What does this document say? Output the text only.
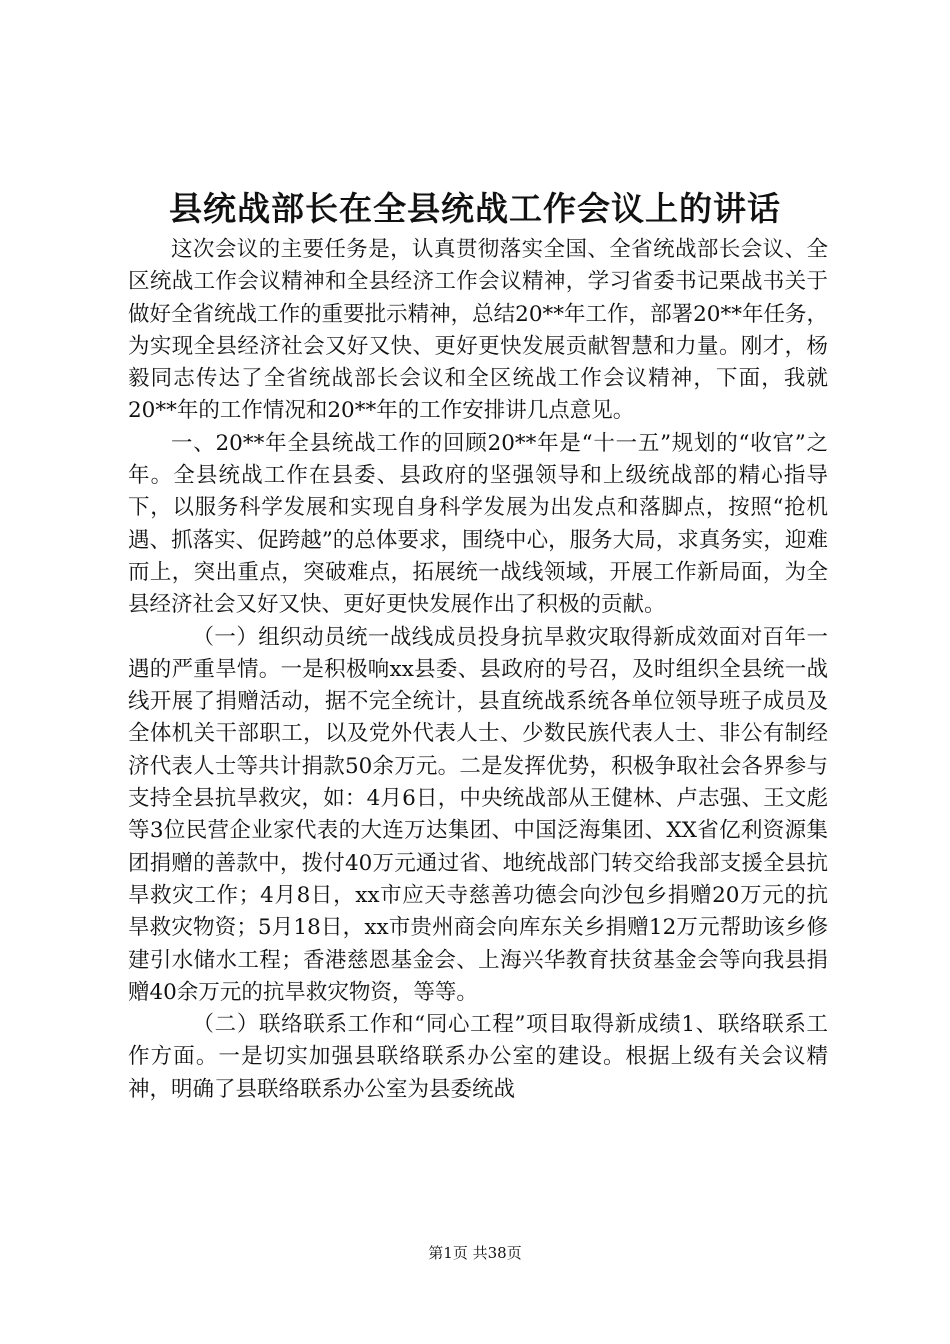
县统战部长在全县统战工作会议上的讲话

这次会议的主要任务是，认真贯彻落实全国、全省统战部长会议、全区统战工作会议精神和全县经济工作会议精神，学习省委书记栗战书关于做好全省统战工作的重要批示精神，总结20**年工作，部署20**年任务，为实现全县经济社会又好又快、更好更快发展贡献智慧和力量。刚才，杨毅同志传达了全省统战部长会议和全区统战工作会议精神，下面，我就20**年的工作情况和20**年的工作安排讲几点意见。

一、20**年全县统战工作的回顾20**年是“十一五”规划的“收官”之年。全县统战工作在县委、县政府的坚强领导和上级统战部的精心指导下，以服务科学发展和实现自身科学发展为出发点和落脚点，按照“抢机遇、抓落实、促跨越”的总体要求，围绕中心，服务大局，求真务实，迎难而上，突出重点，突破难点，拓展统一战线领域，开展工作新局面，为全县经济社会又好又快、更好更快发展作出了积极的贡献。

（一）组织动员统一战线成员投身抗旱救灾取得新成效面对百年一遇的严重旱情。一是积极响xx县委、县政府的号召，及时组织全县统一战线开展了捐赠活动，据不完全统计，县直统战系统各单位领导班子成员及全体机关干部职工，以及党外代表人士、少数民族代表人士、非公有制经济代表人士等共计捐款50余万元。二是发挥优势，积极争取社会各界参与支持全县抗旱救灾，如：4月6日，中央统战部从王健林、卢志强、王文彪等3位民营企业家代表的大连万达集团、中国泛海集团、XX省亿利资源集团捐赠的善款中，拨付40万元通过省、地统战部门转交给我部支援全县抗旱救灾工作；4月8日，xx市应天寺慈善功德会向沙包乡捐赠20万元的抗旱救灾物资；5月18日，xx市贵州商会向库东关乡捐赠12万元帮助该乡修建引水储水工程；香港慈恩基金会、上海兴华教育扶贫基金会等向我县捐赠40余万元的抗旱救灾物资，等等。

（二）联络联系工作和“同心工程”项目取得新成绩1、联络联系工作方面。一是切实加强县联络联系办公室的建设。根据上级有关会议精神，明确了县联络联系办公室为县委统战

第1页 共38页
